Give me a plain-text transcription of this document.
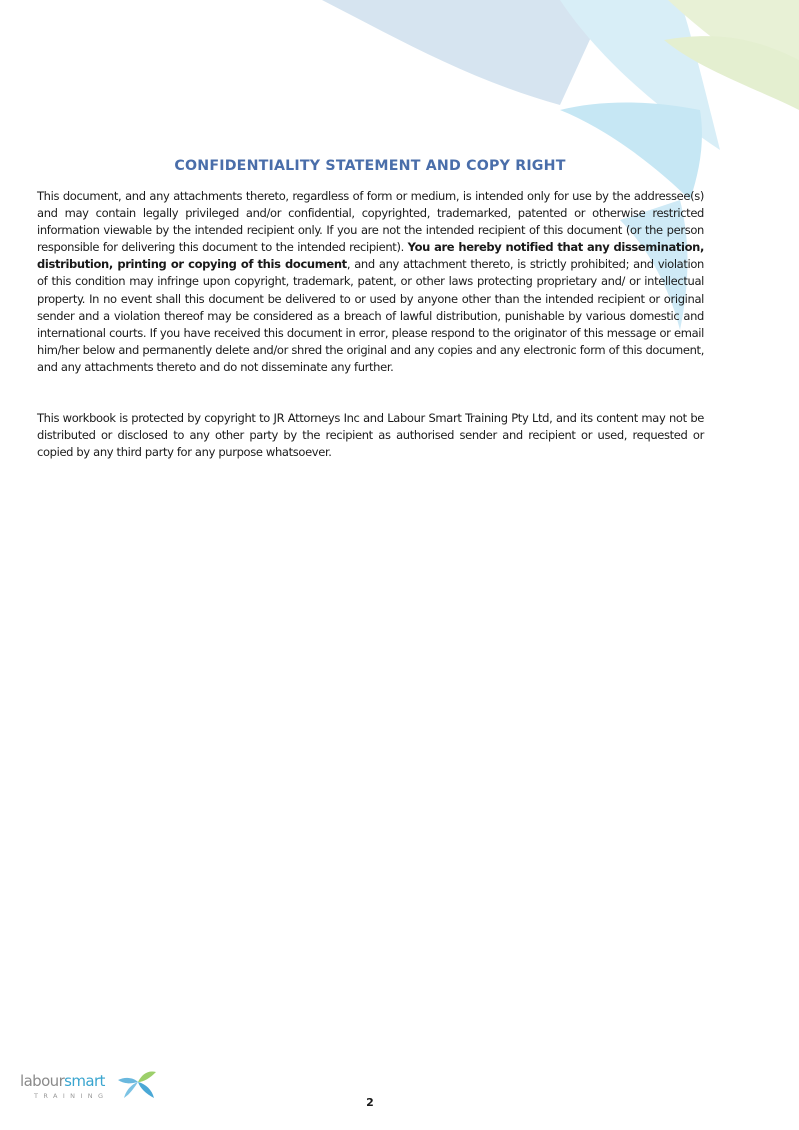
CONFIDENTIALITY STATEMENT AND COPY RIGHT

This document, and any attachments thereto, regardless of form or medium, is intended only for use by the addressee(s) and may contain legally privileged and/or confidential, copyrighted, trademarked, patented or otherwise restricted information viewable by the intended recipient only. If you are not the intended recipient of this document (or the person responsible for delivering this document to the intended recipient). You are hereby notified that any dissemination, distribution, printing or copying of this document, and any attachment thereto, is strictly prohibited; and violation of this condition may infringe upon copyright, trademark, patent, or other laws protecting proprietary and/ or intellectual property. In no event shall this document be delivered to or used by anyone other than the intended recipient or original sender and a violation thereof may be considered as a breach of lawful distribution, punishable by various domestic and international courts. If you have received this document in error, please respond to the originator of this message or email him/her below and permanently delete and/or shred the original and any copies and any electronic form of this document, and any attachments thereto and do not disseminate any further.

This workbook is protected by copyright to JR Attorneys Inc and Labour Smart Training Pty Ltd, and its content may not be distributed or disclosed to any other party by the recipient as authorised sender and recipient or used, requested or copied by any third party for any purpose whatsoever.

laboursmart
TRAINING	2
